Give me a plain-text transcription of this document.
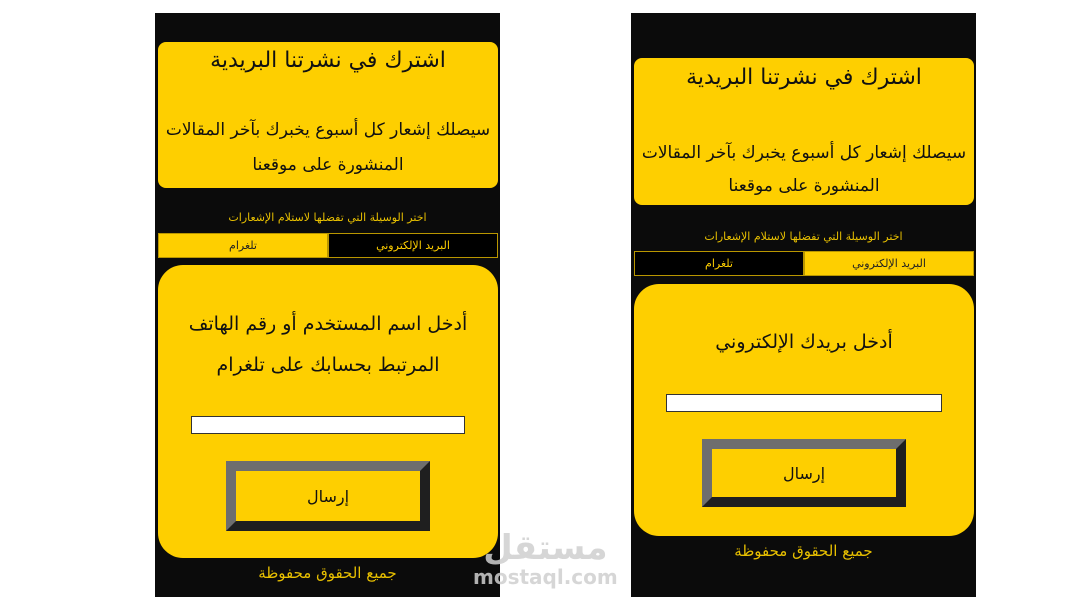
اشترك في نشرتنا البريدية
سيصلك إشعار كل أسبوع يخبرك بآخر المقالات
المنشورة على موقعنا
اختر الوسيلة التي تفضلها لاستلام الإشعارات
تلغرام	البريد الإلكتروني
أدخل اسم المستخدم أو رقم الهاتف
المرتبط بحسابك على تلغرام
إرسال
جميع الحقوق محفوظة
اشترك في نشرتنا البريدية
سيصلك إشعار كل أسبوع يخبرك بآخر المقالات
المنشورة على موقعنا
اختر الوسيلة التي تفضلها لاستلام الإشعارات
تلغرام	البريد الإلكتروني
أدخل بريدك الإلكتروني
إرسال
جميع الحقوق محفوظة
مستقل
mostaql.com
